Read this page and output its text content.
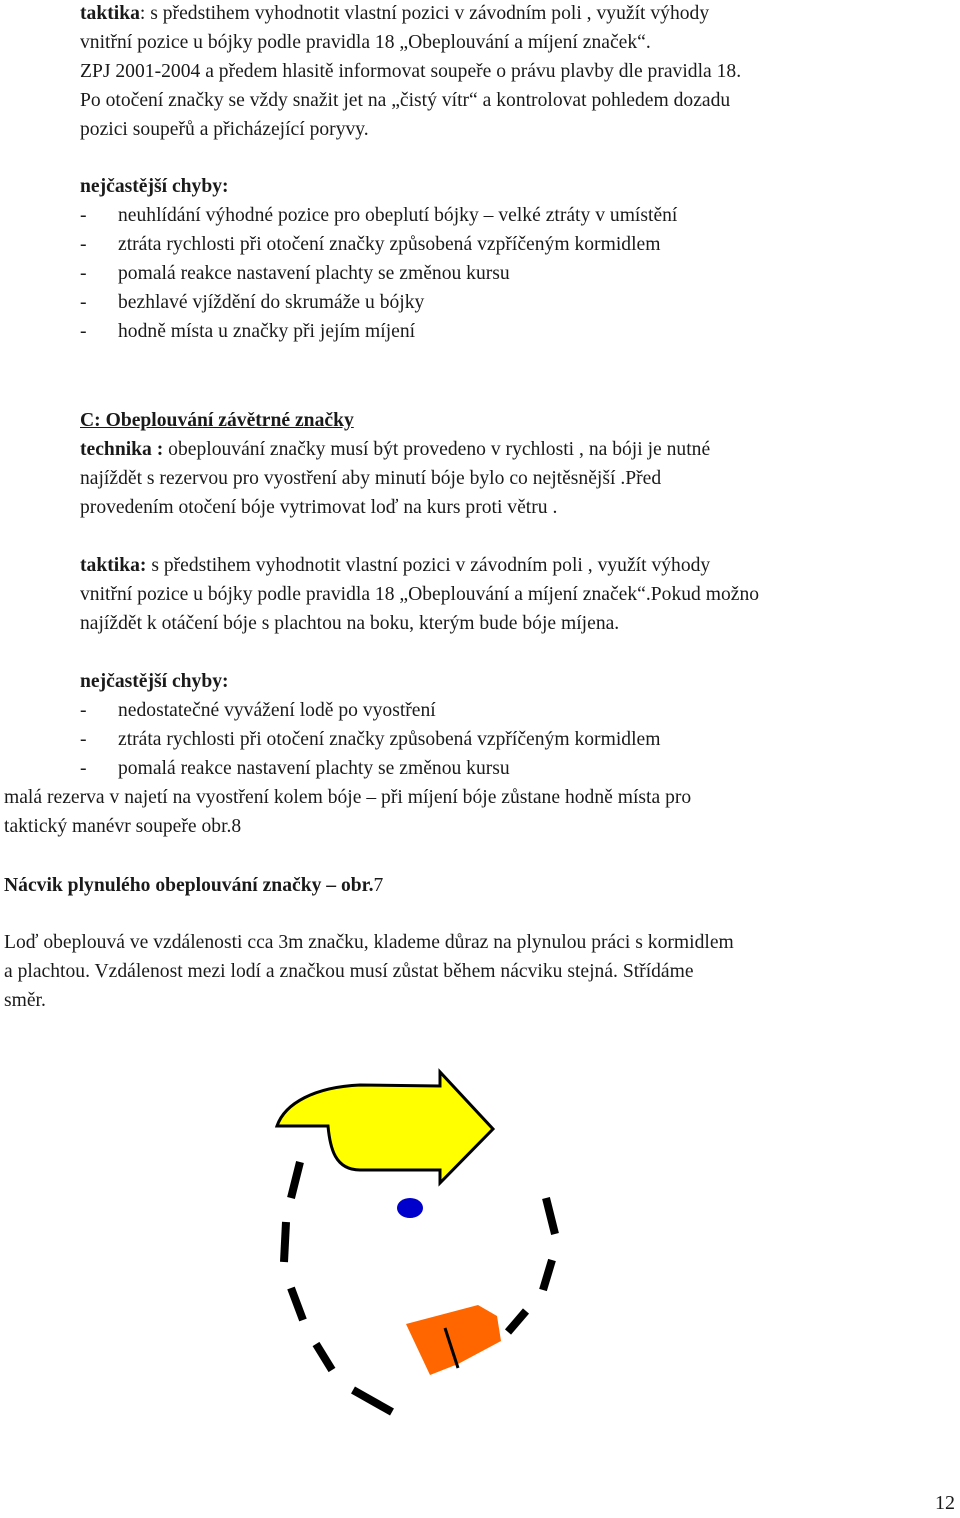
taktika: s předstihem vyhodnotit vlastní pozici v závodním poli , využít výhody

vnitřní pozice u bójky podle pravidla 18 „Obeplouvání a míjení značek“.

ZPJ 2001-2004 a předem hlasitě informovat soupeře o právu plavby dle pravidla 18.

Po otočení značky se vždy snažit jet na „čistý vítr“ a kontrolovat pohledem dozadu

pozici soupeřů a přicházející poryvy.

nejčastější chyby:

- neuhlídání výhodné pozice pro obeplutí bójky – velké ztráty v umístění

- ztráta rychlosti při otočení značky způsobená vzpříčeným kormidlem

- pomalá reakce nastavení plachty se změnou kursu

- bezhlavé vjíždění do skrumáže u bójky

- hodně místa u značky při jejím míjení

C: Obeplouvání závětrné značky

technika : obeplouvání značky musí být provedeno v rychlosti , na bóji je nutné

najíždět s rezervou pro vyostření aby minutí bóje bylo co nejtěsnější .Před

provedením otočení bóje vytrimovat loď na kurs proti větru .

taktika: s předstihem vyhodnotit vlastní pozici v závodním poli , využít výhody

vnitřní pozice u bójky podle pravidla 18 „Obeplouvání a míjení značek“.Pokud možno

najíždět k otáčení bóje s plachtou na boku, kterým bude bóje míjena.

nejčastější chyby:

- nedostatečné vyvážení lodě po vyostření

- ztráta rychlosti při otočení značky způsobená vzpříčeným kormidlem

- pomalá reakce nastavení plachty se změnou kursu

malá rezerva v najetí na vyostření kolem bóje – při míjení bóje zůstane hodně místa pro

taktický manévr soupeře obr.8

Nácvik plynulého obeplouvání značky – obr.7

Loď obeplouvá ve vzdálenosti cca 3m značku, klademe důraz na plynulou práci s kormidlem

a plachtou. Vzdálenost mezi lodí a značkou musí zůstat během nácviku stejná. Střídáme

směr.

12
